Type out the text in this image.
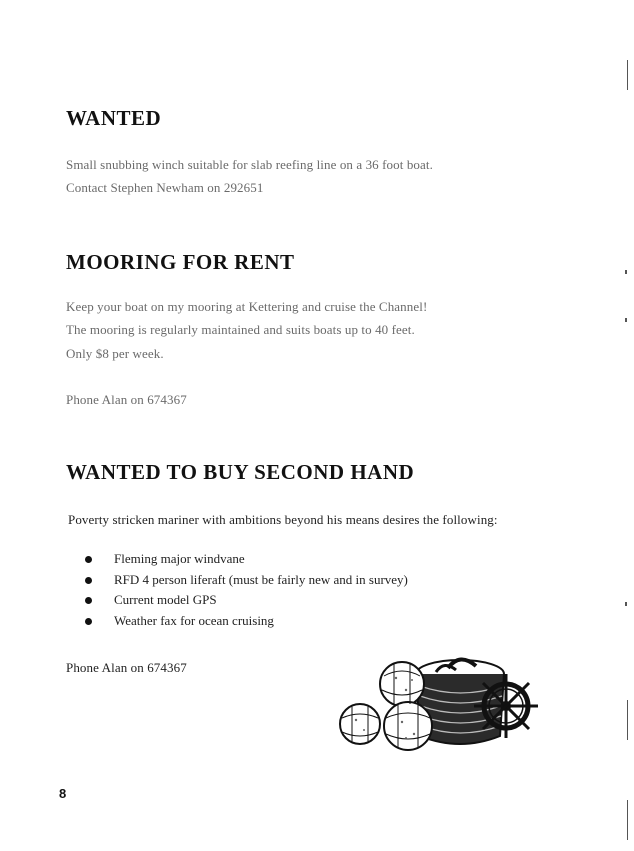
WANTED

Small snubbing winch suitable for slab reefing line on a 36 foot boat.

Contact Stephen Newham on 292651

MOORING FOR RENT

Keep your boat on my mooring at Kettering and cruise the Channel!

The mooring is regularly maintained and suits boats up to 40 feet.

Only $8 per week.

Phone Alan on 674367

WANTED TO BUY SECOND HAND

Poverty stricken mariner with ambitions beyond his means desires the following:

Fleming major windvane
RFD 4 person liferaft (must be fairly new and in survey)
Current model GPS
Weather fax for ocean cruising

Phone Alan on 674367

8
